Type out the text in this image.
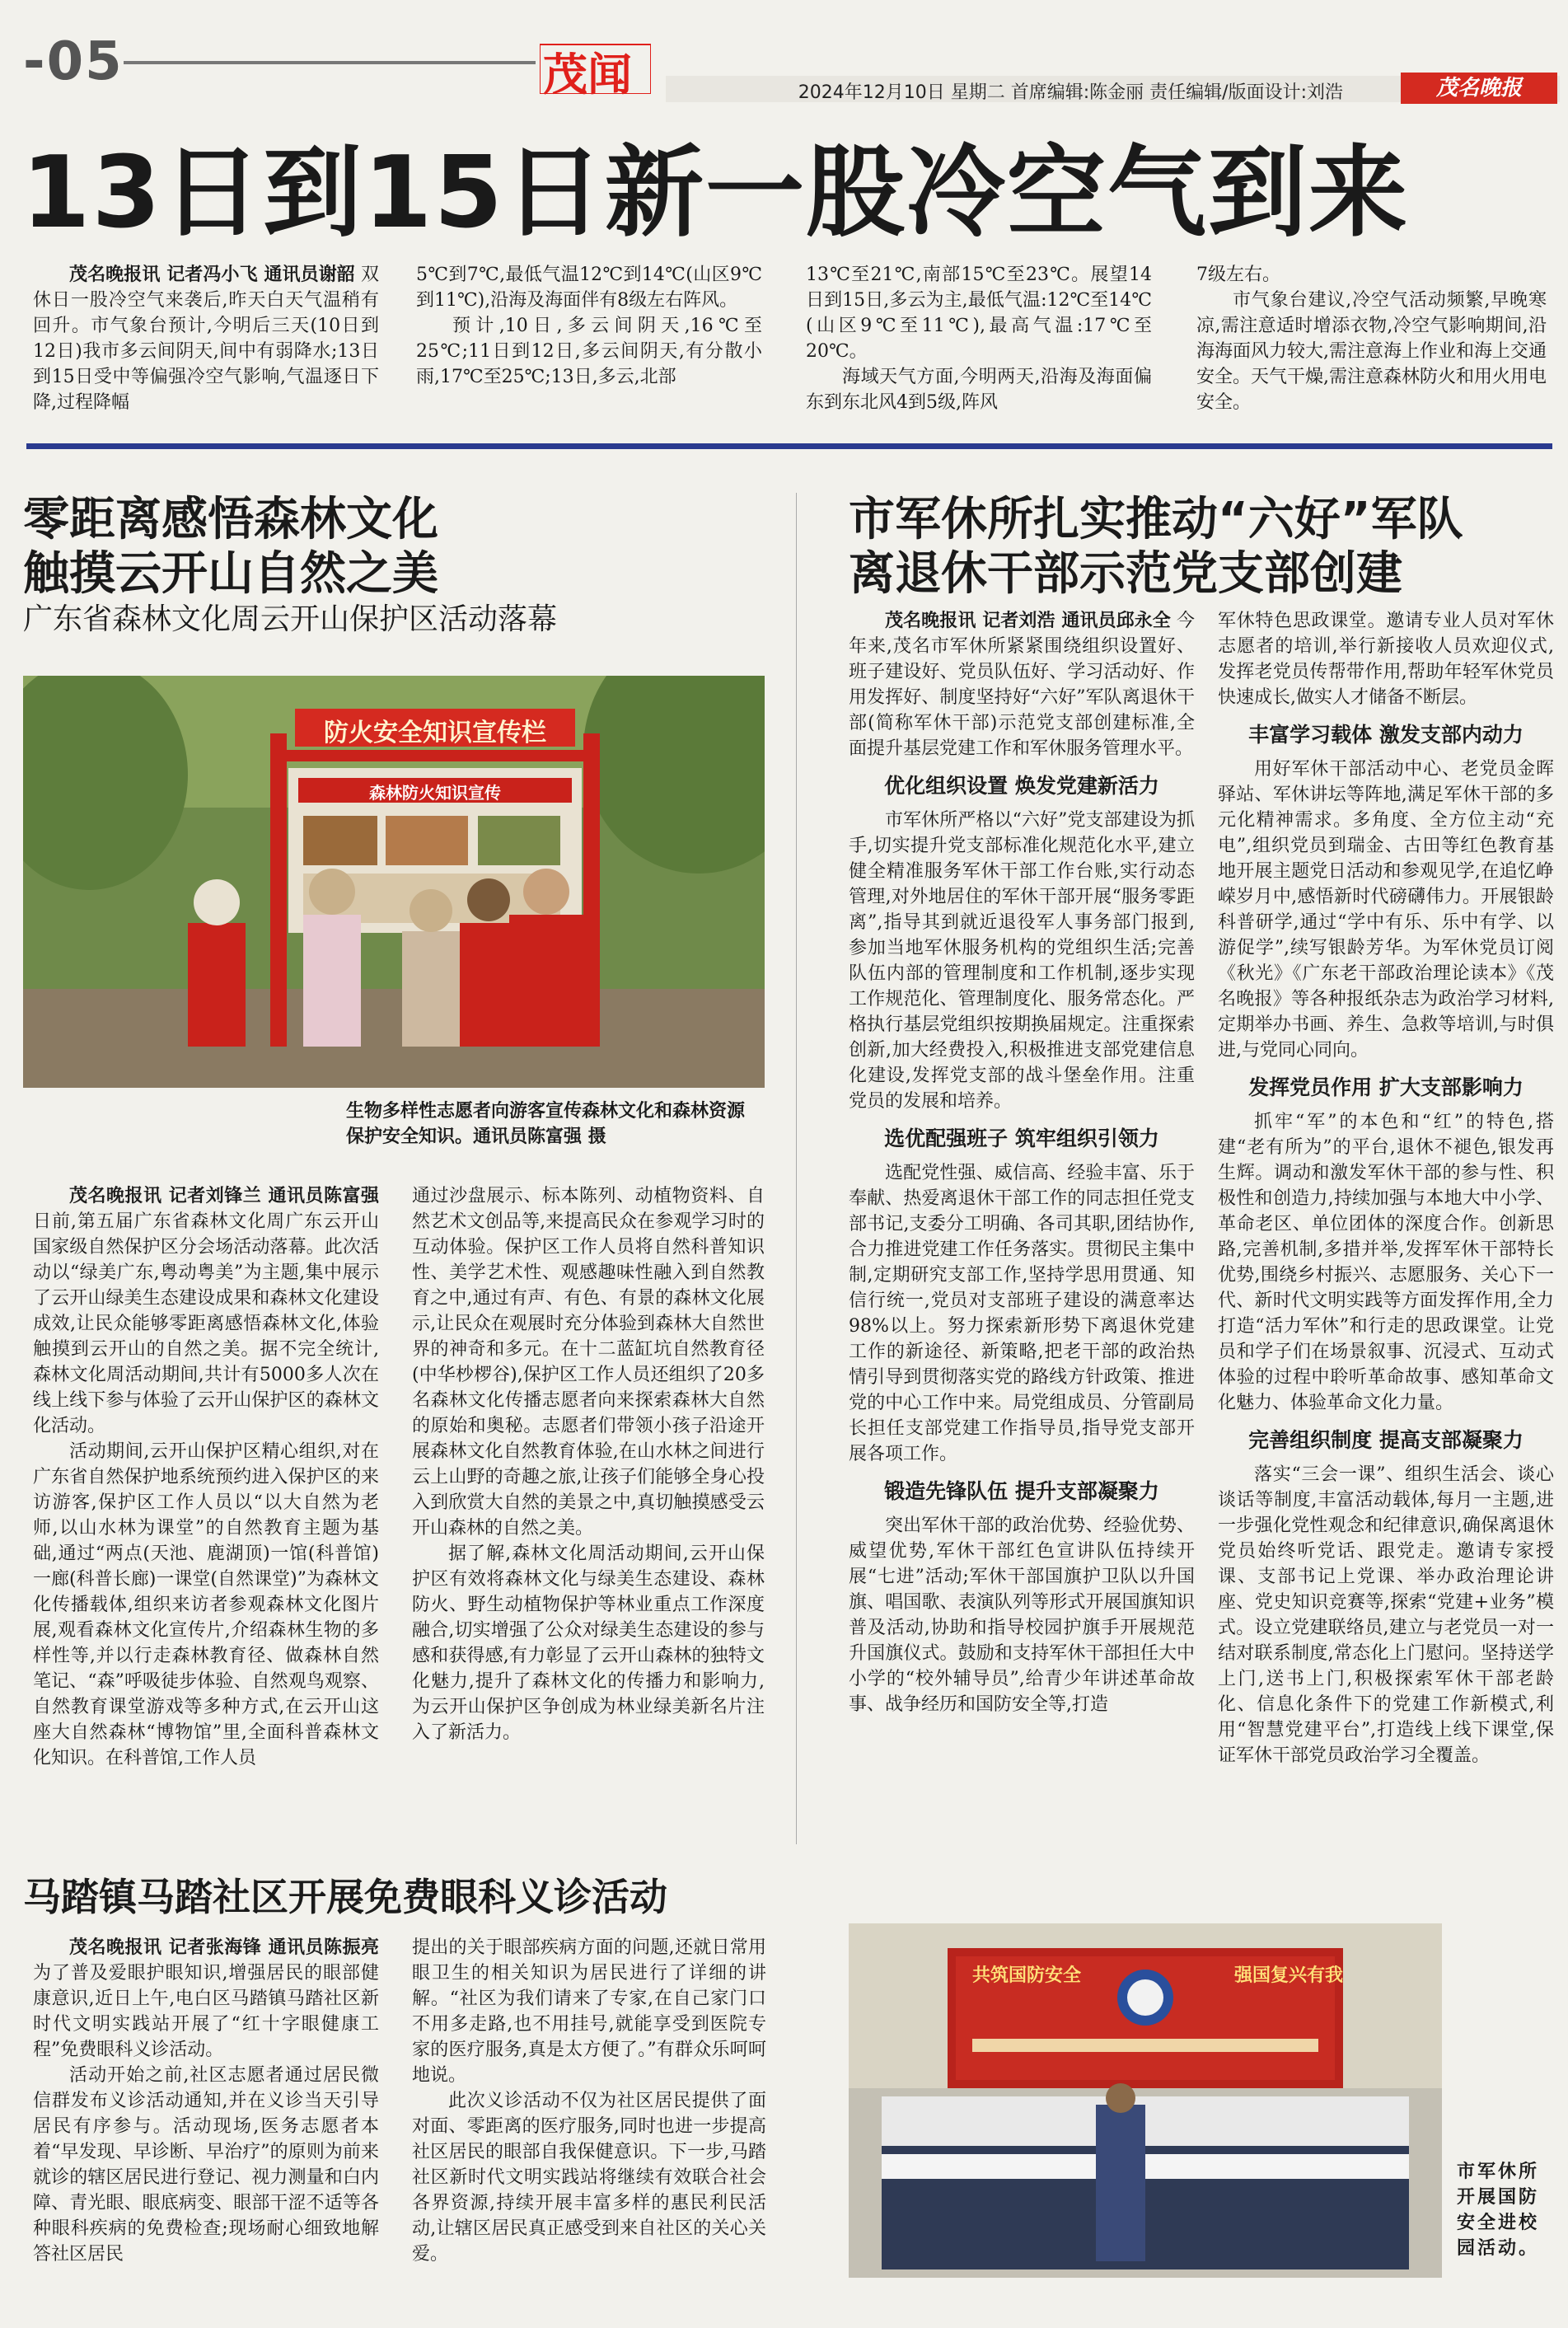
-05	茂闻	2024年12月10日 星期二 首席编辑:陈金丽 责任编辑/版面设计:刘浩	茂名晚报
13日到15日新一股冷空气到来

茂名晚报讯 记者冯小飞 通讯员谢韶 双休日一股冷空气来袭后,昨天白天气温稍有回升。市气象台预计,今明后三天(10日到12日)我市多云间阴天,间中有弱降水;13日到15日受中等偏强冷空气影响,气温逐日下降,过程降幅

5℃到7℃,最低气温12℃到14℃(山区9℃到11℃),沿海及海面伴有8级左右阵风。

预计,10日,多云间阴天,16℃至25℃;11日到12日,多云间阴天,有分散小雨,17℃至25℃;13日,多云,北部

13℃至21℃,南部15℃至23℃。展望14日到15日,多云为主,最低气温:12℃至14℃(山区9℃至11℃),最高气温:17℃至20℃。

海域天气方面,今明两天,沿海及海面偏东到东北风4到5级,阵风

7级左右。

市气象台建议,冷空气活动频繁,早晚寒凉,需注意适时增添衣物,冷空气影响期间,沿海海面风力较大,需注意海上作业和海上交通安全。天气干燥,需注意森林防火和用火用电安全。

零距离感悟森林文化
触摸云开山自然之美
广东省森林文化周云开山保护区活动落幕
防火安全知识宣传栏
森林防火知识宣传
生物多样性志愿者向游客宣传森林文化和森林资源保护安全知识。通讯员陈富强 摄

茂名晚报讯 记者刘锋兰 通讯员陈富强 日前,第五届广东省森林文化周广东云开山国家级自然保护区分会场活动落幕。此次活动以“绿美广东,粤动粤美”为主题,集中展示了云开山绿美生态建设成果和森林文化建设成效,让民众能够零距离感悟森林文化,体验触摸到云开山的自然之美。据不完全统计,森林文化周活动期间,共计有5000多人次在线上线下参与体验了云开山保护区的森林文化活动。

活动期间,云开山保护区精心组织,对在广东省自然保护地系统预约进入保护区的来访游客,保护区工作人员以“以大自然为老师,以山水林为课堂”的自然教育主题为基础,通过“两点(天池、鹿湖顶)一馆(科普馆)一廊(科普长廊)一课堂(自然课堂)”为森林文化传播载体,组织来访者参观森林文化图片展,观看森林文化宣传片,介绍森林生物的多样性等,并以行走森林教育径、做森林自然笔记、“森”呼吸徒步体验、自然观鸟观察、自然教育课堂游戏等多种方式,在云开山这座大自然森林“博物馆”里,全面科普森林文化知识。在科普馆,工作人员

通过沙盘展示、标本陈列、动植物资料、自然艺术文创品等,来提高民众在参观学习时的互动体验。保护区工作人员将自然科普知识性、美学艺术性、观感趣味性融入到自然教育之中,通过有声、有色、有景的森林文化展示,让民众在观展时充分体验到森林大自然世界的神奇和多元。在十二蓝缸坑自然教育径(中华杪椤谷),保护区工作人员还组织了20多名森林文化传播志愿者向来探索森林大自然的原始和奥秘。志愿者们带领小孩子沿途开展森林文化自然教育体验,在山水林之间进行云上山野的奇趣之旅,让孩子们能够全身心投入到欣赏大自然的美景之中,真切触摸感受云开山森林的自然之美。

据了解,森林文化周活动期间,云开山保护区有效将森林文化与绿美生态建设、森林防火、野生动植物保护等林业重点工作深度融合,切实增强了公众对绿美生态建设的参与感和获得感,有力彰显了云开山森林的独特文化魅力,提升了森林文化的传播力和影响力,为云开山保护区争创成为林业绿美新名片注入了新活力。

市军休所扎实推动“六好”军队
离退休干部示范党支部创建

茂名晚报讯 记者刘浩 通讯员邱永全 今年来,茂名市军休所紧紧围绕组织设置好、班子建设好、党员队伍好、学习活动好、作用发挥好、制度坚持好“六好”军队离退休干部(简称军休干部)示范党支部创建标准,全面提升基层党建工作和军休服务管理水平。

优化组织设置 焕发党建新活力

市军休所严格以“六好”党支部建设为抓手,切实提升党支部标准化规范化水平,建立健全精准服务军休干部工作台账,实行动态管理,对外地居住的军休干部开展“服务零距离”,指导其到就近退役军人事务部门报到,参加当地军休服务机构的党组织生活;完善队伍内部的管理制度和工作机制,逐步实现工作规范化、管理制度化、服务常态化。严格执行基层党组织按期换届规定。注重探索创新,加大经费投入,积极推进支部党建信息化建设,发挥党支部的战斗堡垒作用。注重党员的发展和培养。

选优配强班子 筑牢组织引领力

选配党性强、威信高、经验丰富、乐于奉献、热爱离退休干部工作的同志担任党支部书记,支委分工明确、各司其职,团结协作,合力推进党建工作任务落实。贯彻民主集中制,定期研究支部工作,坚持学思用贯通、知信行统一,党员对支部班子建设的满意率达98%以上。努力探索新形势下离退休党建工作的新途径、新策略,把老干部的政治热情引导到贯彻落实党的路线方针政策、推进党的中心工作中来。局党组成员、分管副局长担任支部党建工作指导员,指导党支部开展各项工作。

锻造先锋队伍 提升支部凝聚力

突出军休干部的政治优势、经验优势、威望优势,军休干部红色宣讲队伍持续开展“七进”活动;军休干部国旗护卫队以升国旗、唱国歌、表演队列等形式开展国旗知识普及活动,协助和指导校园护旗手开展规范升国旗仪式。鼓励和支持军休干部担任大中小学的“校外辅导员”,给青少年讲述革命故事、战争经历和国防安全等,打造

军休特色思政课堂。邀请专业人员对军休志愿者的培训,举行新接收人员欢迎仪式,发挥老党员传帮带作用,帮助年轻军休党员快速成长,做实人才储备不断层。

丰富学习载体 激发支部内动力

用好军休干部活动中心、老党员金晖驿站、军休讲坛等阵地,满足军休干部的多元化精神需求。多角度、全方位主动“充电”,组织党员到瑞金、古田等红色教育基地开展主题党日活动和参观见学,在追忆峥嵘岁月中,感悟新时代磅礴伟力。开展银龄科普研学,通过“学中有乐、乐中有学、以游促学”,续写银龄芳华。为军休党员订阅《秋光》《广东老干部政治理论读本》《茂名晚报》等各种报纸杂志为政治学习材料,定期举办书画、养生、急救等培训,与时俱进,与党同心同向。

发挥党员作用 扩大支部影响力

抓牢“军”的本色和“红”的特色,搭建“老有所为”的平台,退休不褪色,银发再生辉。调动和激发军休干部的参与性、积极性和创造力,持续加强与本地大中小学、革命老区、单位团体的深度合作。创新思路,完善机制,多措并举,发挥军休干部特长优势,围绕乡村振兴、志愿服务、关心下一代、新时代文明实践等方面发挥作用,全力打造“活力军休”和行走的思政课堂。让党员和学子们在场景叙事、沉浸式、互动式体验的过程中聆听革命故事、感知革命文化魅力、体验革命文化力量。

完善组织制度 提高支部凝聚力

落实“三会一课”、组织生活会、谈心谈话等制度,丰富活动载体,每月一主题,进一步强化党性观念和纪律意识,确保离退休党员始终听党话、跟党走。邀请专家授课、支部书记上党课、举办政治理论讲座、党史知识竞赛等,探索“党建+业务”模式。设立党建联络员,建立与老党员一对一结对联系制度,常态化上门慰问。坚持送学上门,送书上门,积极探索军休干部老龄化、信息化条件下的党建工作新模式,利用“智慧党建平台”,打造线上线下课堂,保证军休干部党员政治学习全覆盖。

共筑国防安全	强国复兴有我
市军休所开展国防安全进校园活动。
马踏镇马踏社区开展免费眼科义诊活动

茂名晚报讯 记者张海锋 通讯员陈振亮 为了普及爱眼护眼知识,增强居民的眼部健康意识,近日上午,电白区马踏镇马踏社区新时代文明实践站开展了“红十字眼健康工程”免费眼科义诊活动。

活动开始之前,社区志愿者通过居民微信群发布义诊活动通知,并在义诊当天引导居民有序参与。活动现场,医务志愿者本着“早发现、早诊断、早治疗”的原则为前来就诊的辖区居民进行登记、视力测量和白内障、青光眼、眼底病变、眼部干涩不适等各种眼科疾病的免费检查;现场耐心细致地解答社区居民

提出的关于眼部疾病方面的问题,还就日常用眼卫生的相关知识为居民进行了详细的讲解。“社区为我们请来了专家,在自己家门口不用多走路,也不用挂号,就能享受到医院专家的医疗服务,真是太方便了。”有群众乐呵呵地说。

此次义诊活动不仅为社区居民提供了面对面、零距离的医疗服务,同时也进一步提高社区居民的眼部自我保健意识。下一步,马踏社区新时代文明实践站将继续有效联合社会各界资源,持续开展丰富多样的惠民利民活动,让辖区居民真正感受到来自社区的关心关爱。
